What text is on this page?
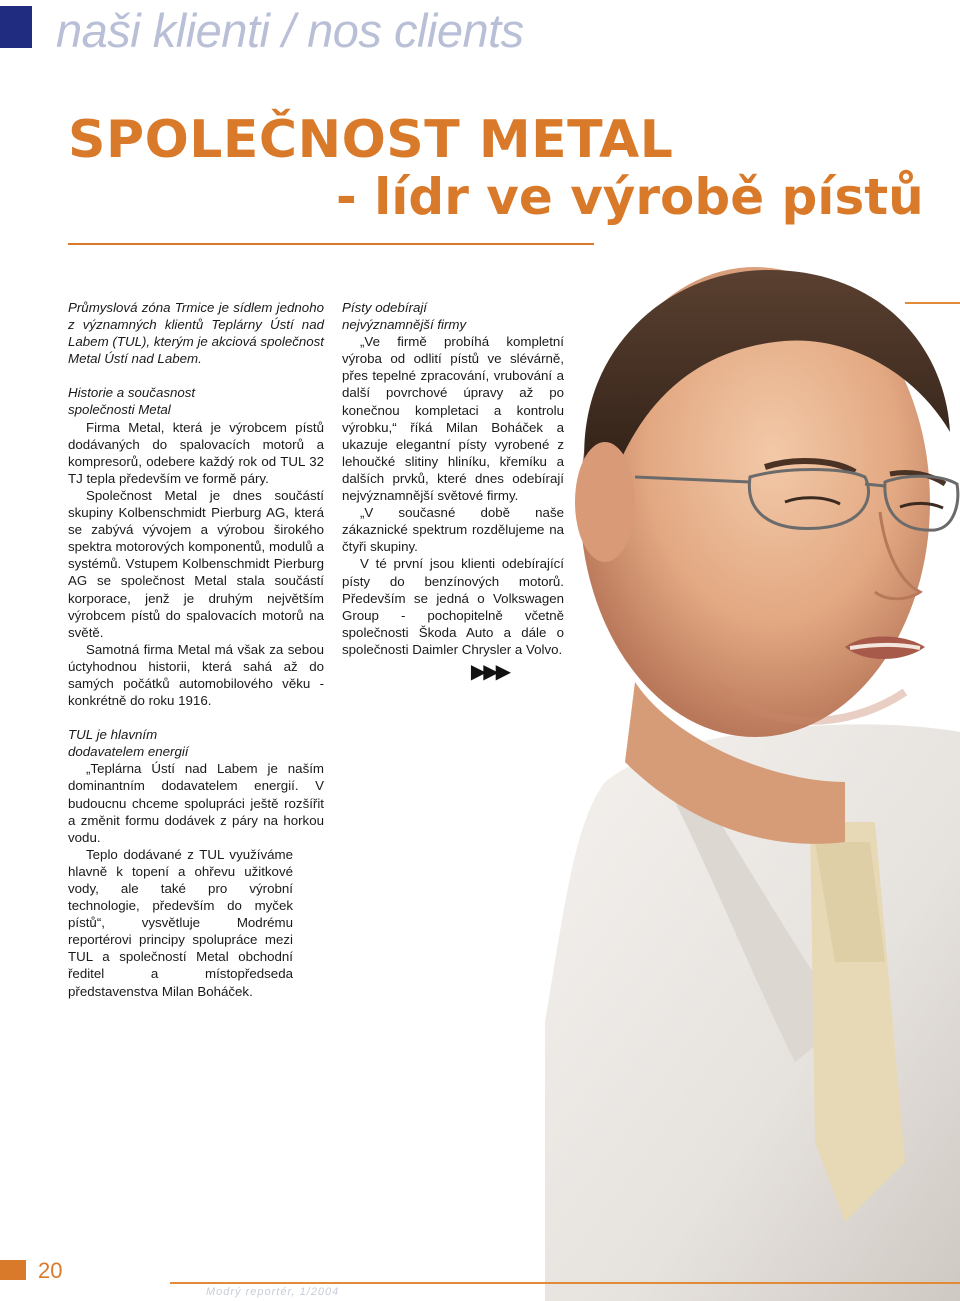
naši klienti / nos clients
SPOLEČNOST METAL
- lídr ve výrobě pístů

Průmyslová zóna Trmice je sídlem jednoho z významných klientů Teplárny Ústí nad Labem (TUL), kterým je akciová společnost Metal Ústí nad Labem.

Historie a současnost
společnosti Metal

Firma Metal, která je výrobcem pístů dodávaných do spalovacích motorů a kompresorů, odebere každý rok od TUL 32 TJ tepla především ve formě páry.

Společnost Metal je dnes součástí skupiny Kolbenschmidt Pierburg AG, která se zabývá vývojem a výrobou širokého spektra motorových komponentů, modulů a systémů. Vstupem Kolbenschmidt Pierburg AG se společnost Metal stala součástí korporace, jenž je druhým největším výrobcem pístů do spalovacích motorů na světě.

Samotná firma Metal má však za sebou úctyhodnou historii, která sahá až do samých počátků automobilového věku - konkrétně do roku 1916.

TUL je hlavním
dodavatelem energií

„Teplárna Ústí nad Labem je naším dominantním dodavatelem energií. V budoucnu chceme spolupráci ještě rozšířit a změnit formu dodávek z páry na horkou vodu.

Teplo dodávané z TUL využíváme hlavně k topení a ohřevu užitkové vody, ale také pro výrobní technologie, především do myček pístů“, vysvětluje Modrému reportérovi principy spolupráce mezi TUL a společností Metal obchodní ředitel a místopředseda představenstva Milan Boháček.

Písty odebírají
nejvýznamnější firmy

„Ve firmě probíhá kompletní výroba od odlití pístů ve slévárně, přes tepelné zpracování, vrubování a další povrchové úpravy až po konečnou kompletaci a kontrolu výrobku,“ říká Milan Boháček a ukazuje elegantní písty vyrobené z lehoučké slitiny hliníku, křemíku a dalších prvků, které dnes odebírají nejvýznamnější světové firmy.

„V současné době naše zákaznické spektrum rozdělujeme na čtyři skupiny.

V té první jsou klienti odebírající písty do benzínových motorů. Především se jedná o Volkswagen Group - pochopitelně včetně společnosti Škoda Auto a dále o společnosti Daimler Chrysler a Volvo.

▶▶▶
20
Modrý reportér, 1/2004
